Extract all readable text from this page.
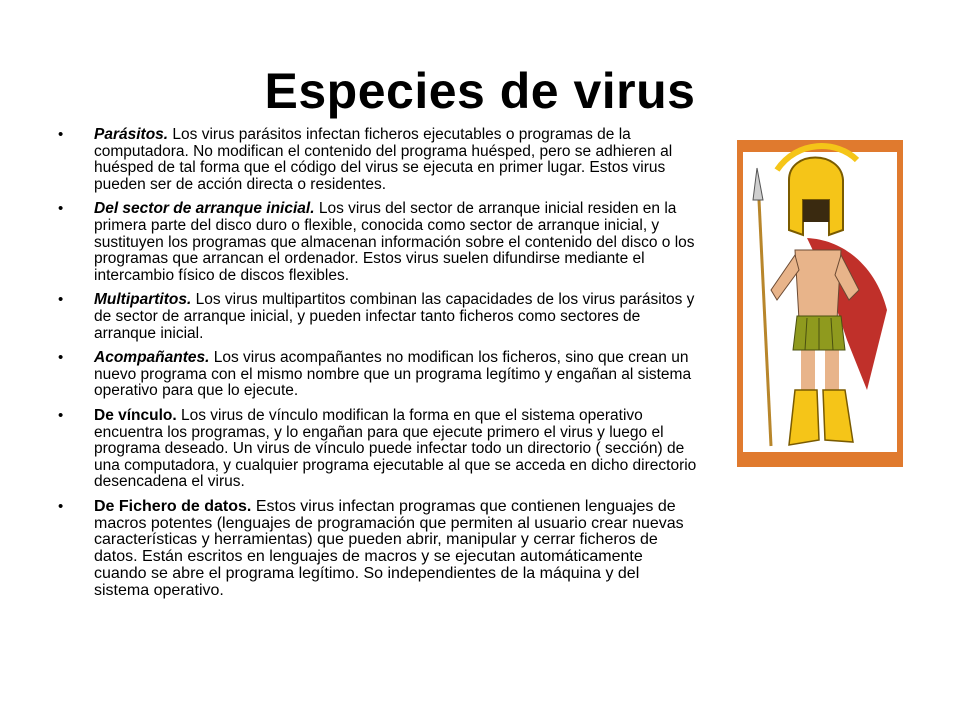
Especies de virus
• Parásitos. Los virus parásitos infectan ficheros ejecutables o programas de la computadora. No modifican el contenido del programa huésped, pero se adhieren al huésped de tal forma que el código del virus se ejecuta en primer lugar. Estos virus pueden ser de acción directa o residentes.
• Del sector de arranque inicial. Los virus del sector de arranque inicial residen en la primera parte del disco duro o flexible, conocida como sector de arranque inicial, y sustituyen los programas que almacenan información sobre el contenido del disco o los programas que arrancan el ordenador. Estos virus suelen difundirse mediante el intercambio físico de discos flexibles.
• Multipartitos. Los virus multipartitos combinan las capacidades de los virus parásitos y de sector de arranque inicial, y pueden infectar tanto ficheros como sectores de arranque inicial.
• Acompañantes. Los virus acompañantes no modifican los ficheros, sino que crean un nuevo programa con el mismo nombre que un programa legítimo y engañan al sistema operativo para que lo ejecute.
• De vínculo. Los virus de vínculo modifican la forma en que el sistema operativo encuentra los programas, y lo engañan para que ejecute primero el virus y luego el programa deseado. Un virus de vínculo puede infectar todo un directorio ( sección) de una computadora, y cualquier programa ejecutable al que se acceda en dicho directorio desencadena el virus.
• De Fichero de datos. Estos virus infectan programas que contienen lenguajes de macros potentes (lenguajes de programación que permiten al usuario crear nuevas características y herramientas) que pueden abrir, manipular y cerrar ficheros de datos. Están escritos en lenguajes de macros y se ejecutan automáticamente cuando se abre el programa legítimo. So independientes de la máquina y del sistema operativo.
